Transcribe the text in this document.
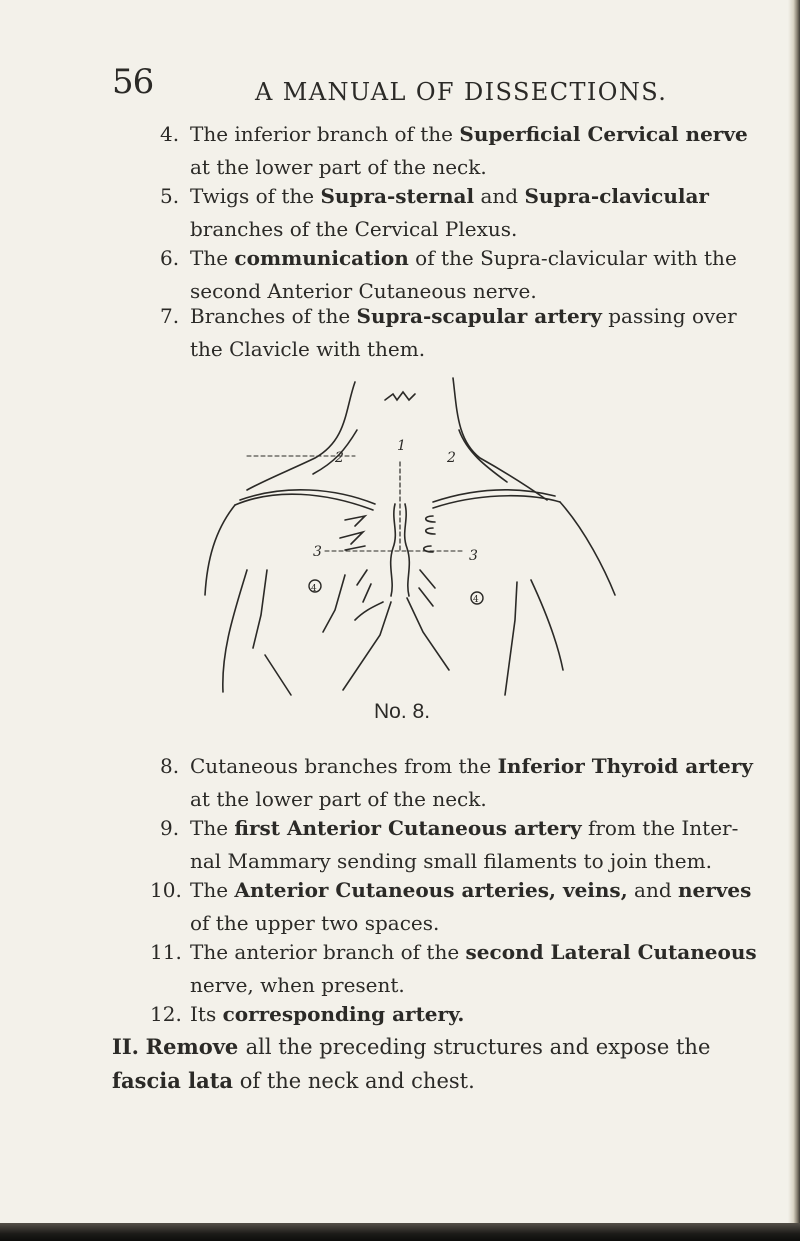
56	A MANUAL OF DISSECTIONS.
4. The inferior branch of the Superficial Cervical nerve
at the lower part of the neck.
5. Twigs of the Supra-sternal and Supra-clavicular
branches of the Cervical Plexus.
6. The communication of the Supra-clavicular with the
second Anterior Cutaneous nerve.
7. Branches of the Supra-scapular artery passing over
the Clavicle with them.
1
2	2
3	3
4
4
No. 8.
8. Cutaneous branches from the Inferior Thyroid artery
at the lower part of the neck.
9. The first Anterior Cutaneous artery from the Inter-
nal Mammary sending small filaments to join them.
10. The Anterior Cutaneous arteries, veins, and nerves
of the upper two spaces.
11. The anterior branch of the second Lateral Cutaneous
nerve, when present.
12. Its corresponding artery.
II. Remove all the preceding structures and expose the
fascia lata of the neck and chest.
